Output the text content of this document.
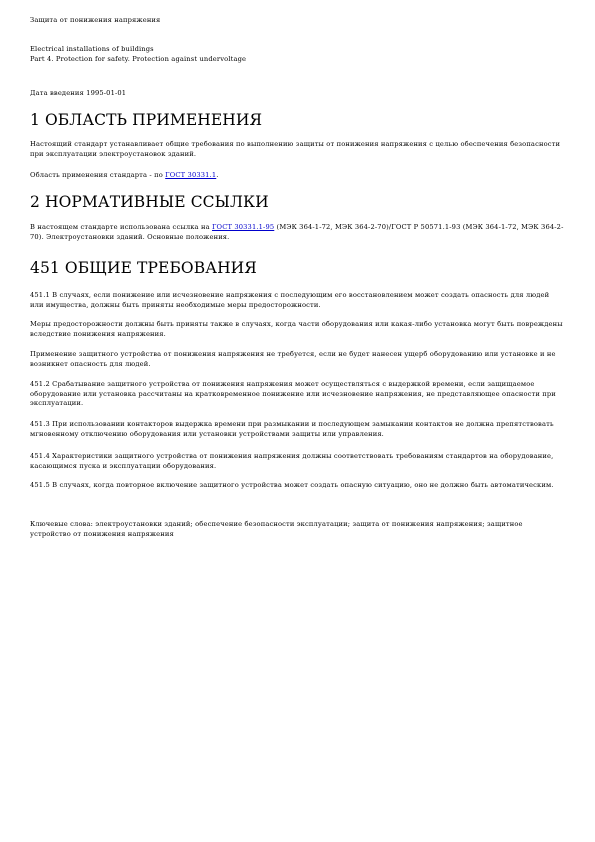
Защита от понижения напряжения

Electrical installations of buildings

Part 4. Protection for safety. Protection against undervoltage

Дата введения 1995-01-01

1 ОБЛАСТЬ ПРИМЕНЕНИЯ

Настоящий стандарт устанавливает общие требования по выполнению защиты от понижения напряжения с целью обеспечения безопасности при эксплуатации электроустановок зданий.

Область применения стандарта - по ГОСТ 30331.1.

2 НОРМАТИВНЫЕ ССЫЛКИ

В настоящем стандарте использована ссылка на ГОСТ 30331.1-95 (МЭК 364-1-72, МЭК 364-2-70)/ГОСТ Р 50571.1-93 (МЭК 364-1-72, МЭК 364-2-70). Электроустановки зданий. Основные положения.

451 ОБЩИЕ ТРЕБОВАНИЯ

451.1 В случаях, если понижение или исчезновение напряжения с последующим его восстановлением может создать опасность для людей или имущества, должны быть приняты необходимые меры предосторожности.

Меры предосторожности должны быть приняты также в случаях, когда части оборудования или какая-либо установка могут быть повреждены вследствие понижения напряжения.

Применение защитного устройства от понижения напряжения не требуется, если не будет нанесен ущерб оборудованию или установке и не возникнет опасность для людей.

451.2 Срабатывание защитного устройства от понижения напряжения может осуществляться с выдержкой времени, если защищаемое оборудование или установка рассчитаны на кратковременное понижение или исчезновение напряжения, не представляющее опасности при эксплуатации.

451.3 При использовании контакторов выдержка времени при размыкании и последующем замыкании контактов не должна препятствовать мгновенному отключению оборудования или установки устройствами защиты или управления.

451.4 Характеристики защитного устройства от понижения напряжения должны соответствовать требованиям стандартов на оборудование, касающимся пуска и эксплуатации оборудования.

451.5 В случаях, когда повторное включение защитного устройства может создать опасную ситуацию, оно не должно быть автоматическим.

Ключевые слова: электроустановки зданий; обеспечение безопасности эксплуатации; защита от понижения напряжения; защитное устройство от понижения напряжения
